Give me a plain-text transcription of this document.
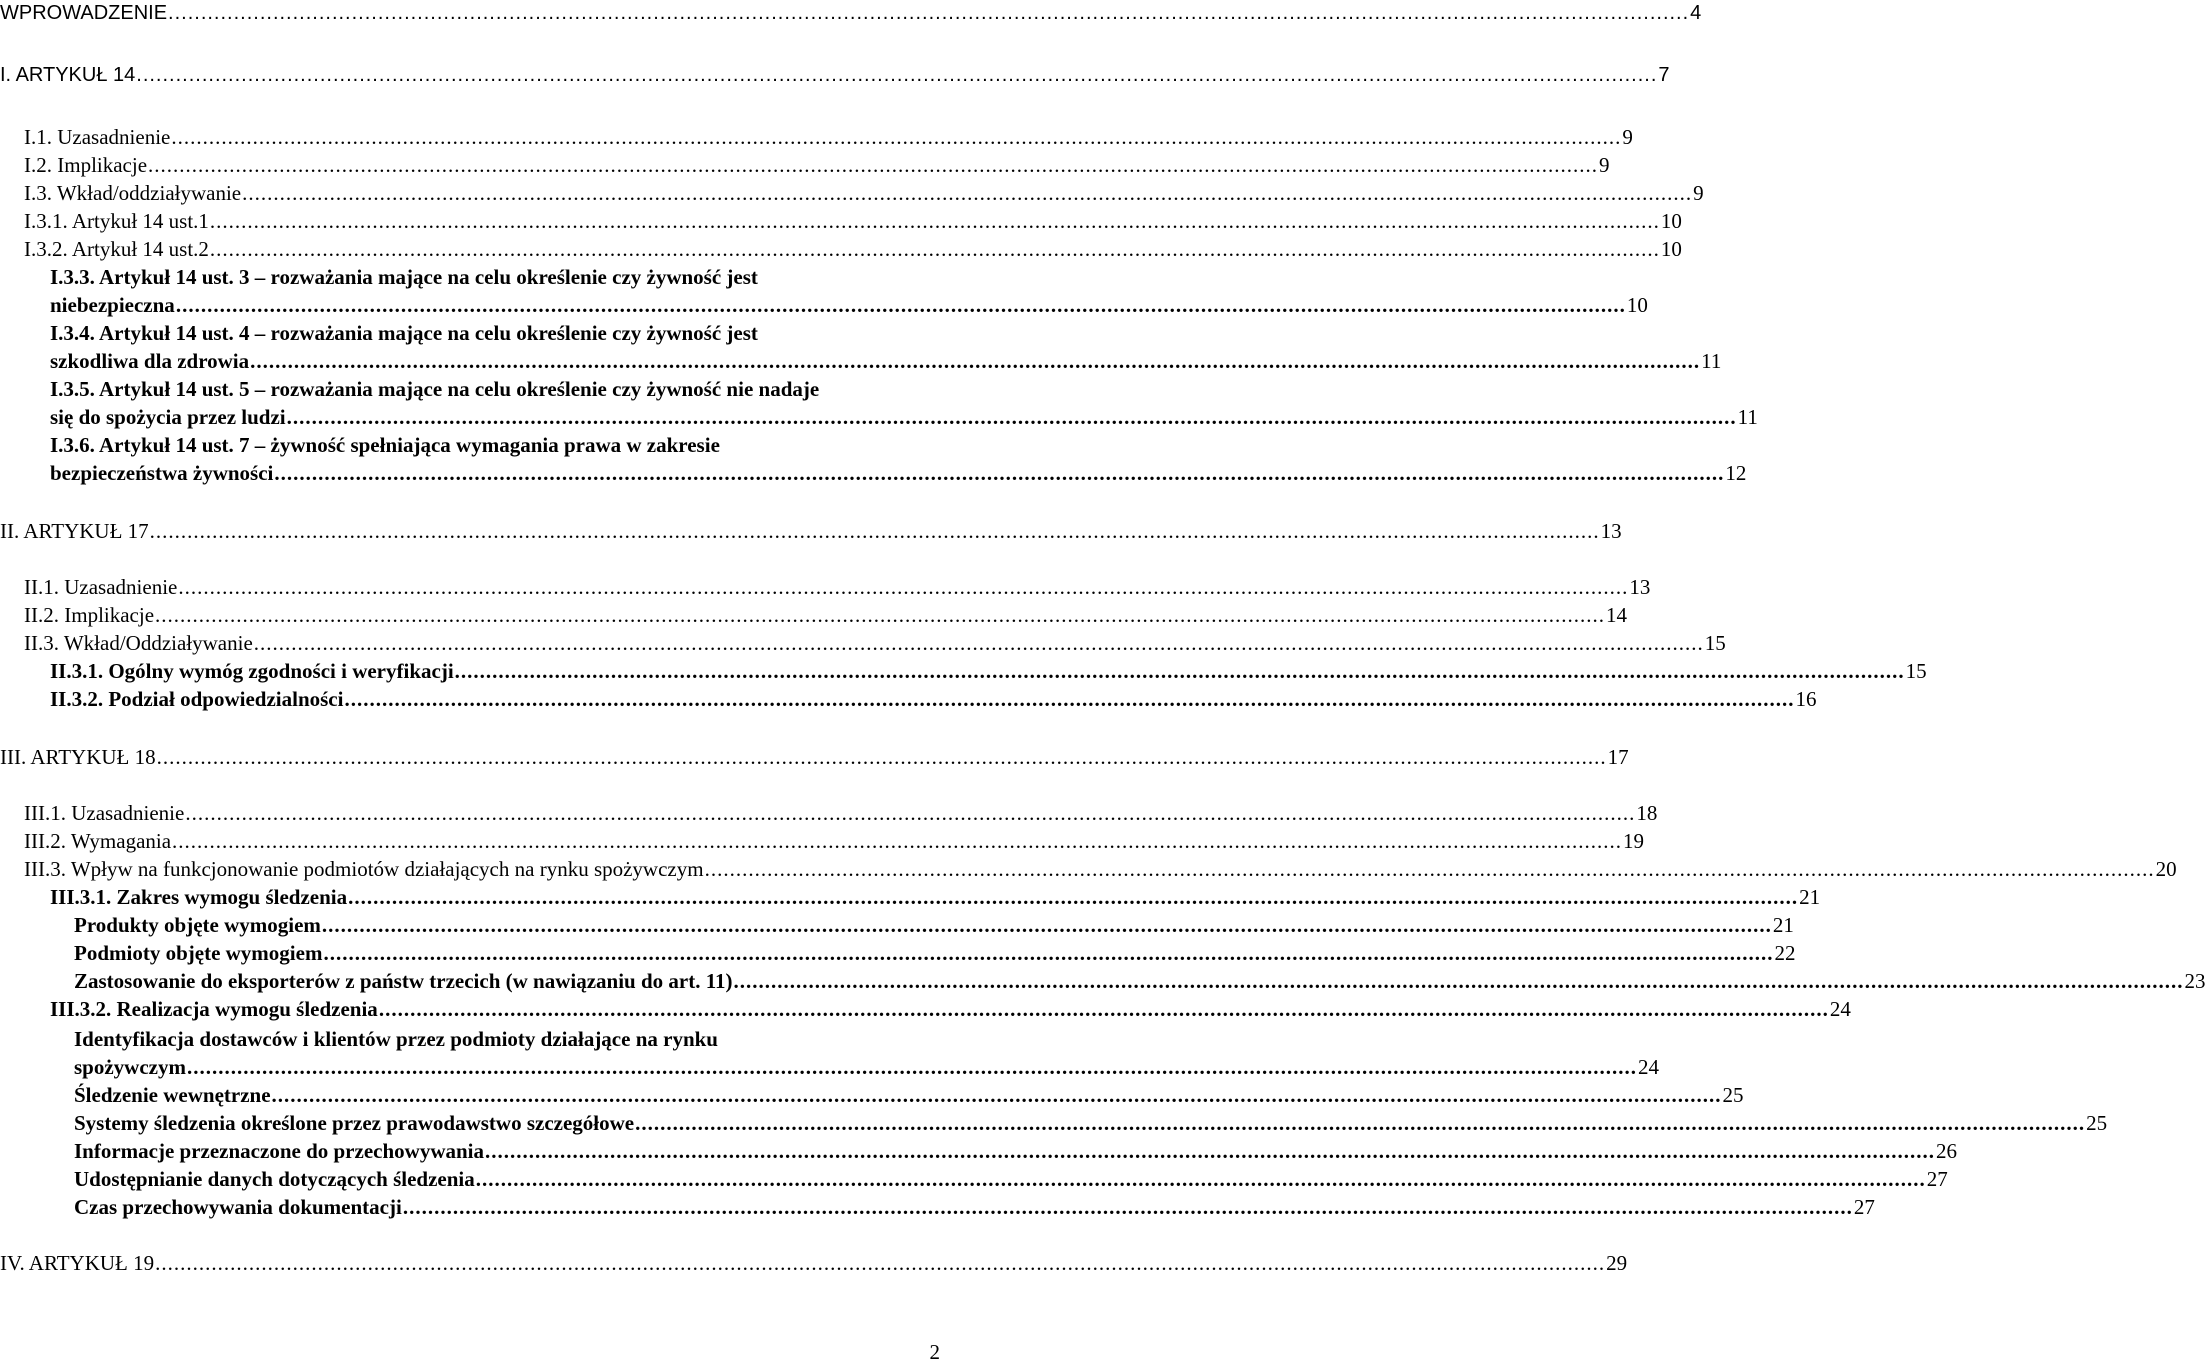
WPROWADZENIE .....	4
I. ARTYKUŁ 14 .....	7
I.1. Uzasadnienie .....	9
I.2. Implikacje .....	9
I.3. Wkład/oddziaływanie .....	9
I.3.1. Artykuł 14 ust.1 .....	10
I.3.2. Artykuł 14 ust.2 .....	10
I.3.3. Artykuł 14 ust. 3 – rozważania mające na celu określenie czy żywność jest
niebezpieczna .....	10
I.3.4. Artykuł 14 ust. 4 – rozważania mające na celu określenie czy żywność jest
szkodliwa dla zdrowia .....	11
I.3.5. Artykuł 14 ust. 5 – rozważania mające na celu określenie czy żywność nie nadaje
się do spożycia przez ludzi .....	11
I.3.6. Artykuł 14 ust. 7 – żywność spełniająca wymagania prawa w zakresie
bezpieczeństwa żywności .....	12
II. ARTYKUŁ 17 .....	13
II.1. Uzasadnienie .....	13
II.2. Implikacje .....	14
II.3. Wkład/Oddziaływanie .....	15
II.3.1. Ogólny wymóg zgodności i weryfikacji .....	15
II.3.2. Podział odpowiedzialności .....	16
III. ARTYKUŁ 18 .....	17
III.1. Uzasadnienie .....	18
III.2. Wymagania .....	19
III.3. Wpływ na funkcjonowanie podmiotów działających na rynku spożywczym .....	20
III.3.1. Zakres wymogu śledzenia .....	21
Produkty objęte wymogiem .....	21
Podmioty objęte wymogiem .....	22
Zastosowanie do eksporterów z państw trzecich (w nawiązaniu do art. 11) .....	23
III.3.2. Realizacja wymogu śledzenia .....	24
Identyfikacja dostawców i klientów przez podmioty działające na rynku
spożywczym .....	24
Śledzenie wewnętrzne .....	25
Systemy śledzenia określone przez prawodawstwo szczegółowe .....	25
Informacje przeznaczone do przechowywania .....	26
Udostępnianie danych dotyczących śledzenia .....	27
Czas przechowywania dokumentacji .....	27
IV. ARTYKUŁ 19 .....	29
2
